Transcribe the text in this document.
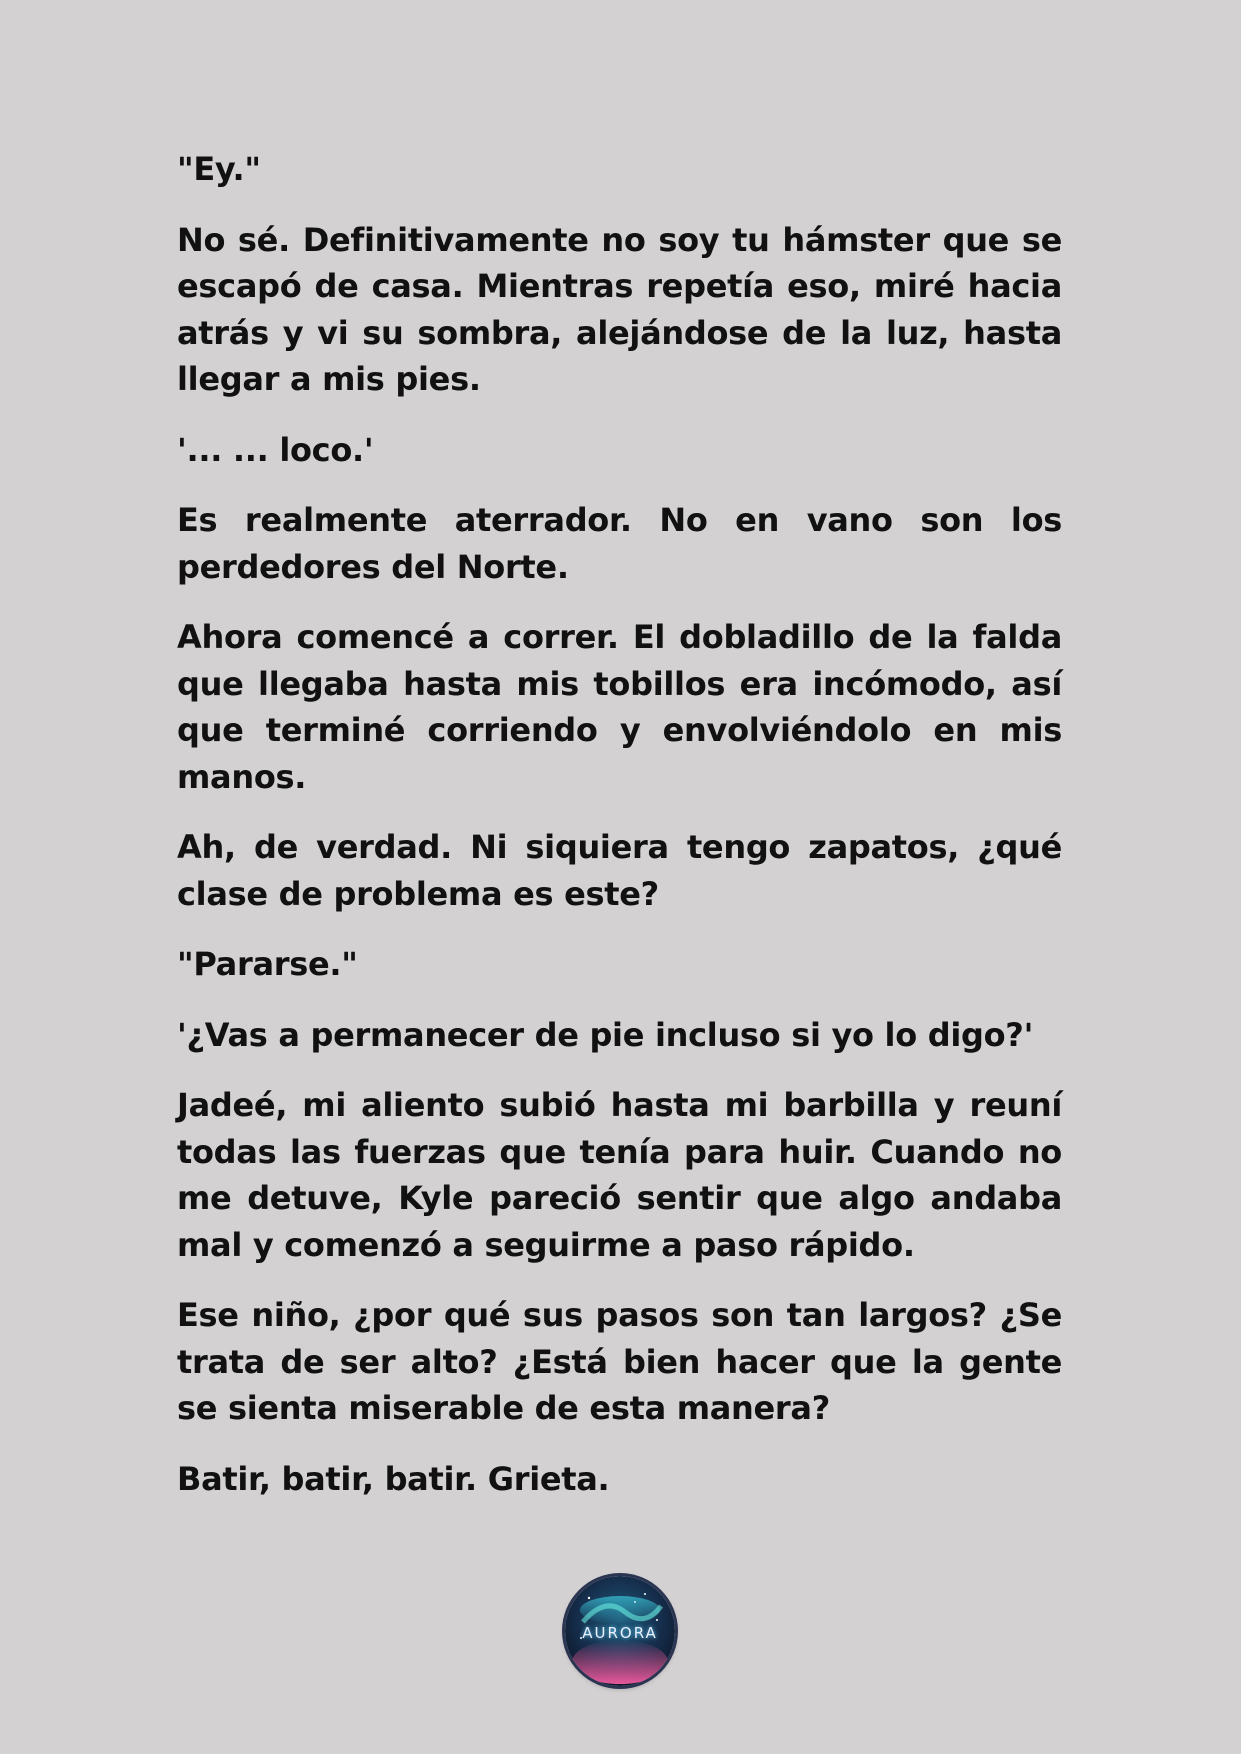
"Ey."

No sé. Definitivamente no soy tu hámster que se escapó de casa. Mientras repetía eso, miré hacia atrás y vi su sombra, alejándose de la luz, hasta llegar a mis pies.

'... ... loco.'

Es realmente aterrador. No en vano son los perdedores del Norte.

Ahora comencé a correr. El dobladillo de la falda que llegaba hasta mis tobillos era incómodo, así que terminé corriendo y envolviéndolo en mis manos.

Ah, de verdad. Ni siquiera tengo zapatos, ¿qué clase de problema es este?

"Pararse."

'¿Vas a permanecer de pie incluso si yo lo digo?'

Jadeé, mi aliento subió hasta mi barbilla y reuní todas las fuerzas que tenía para huir. Cuando no me detuve, Kyle pareció sentir que algo andaba mal y comenzó a seguirme a paso rápido.

Ese niño, ¿por qué sus pasos son tan largos? ¿Se trata de ser alto? ¿Está bien hacer que la gente se sienta miserable de esta manera?

Batir, batir, batir. Grieta.

AURORA
